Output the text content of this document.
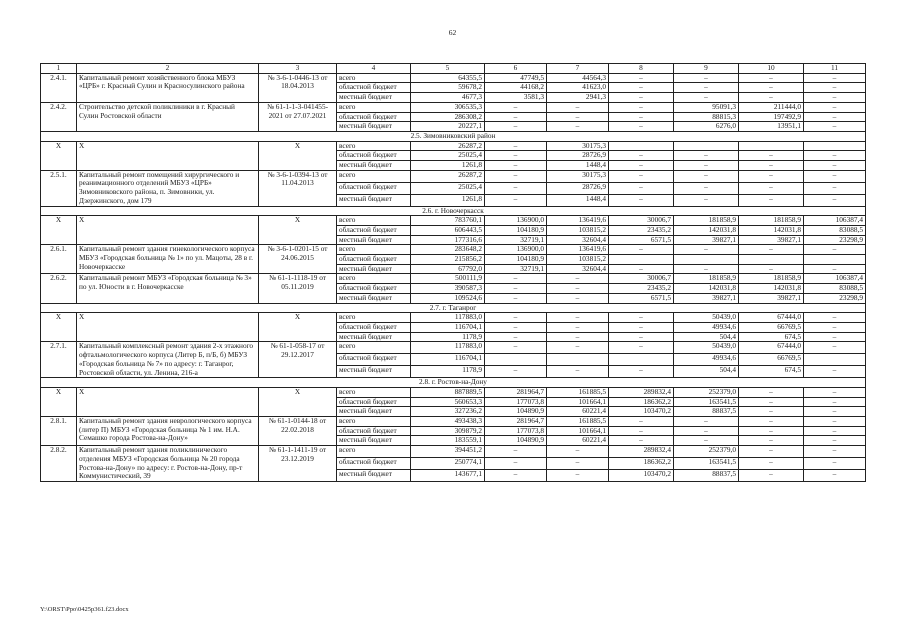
62
1	2	3	4	5	6	7	8	9	10	11
2.4.1.	Капитальный ремонт хозяйственного блока МБУЗ «ЦРБ» г. Красный Сулин и Красносулинского района	№ 3-6-1-0446-13 от 18.04.2013	всего	64355,5	47749,5	44564,3	–	–	–	–
			областной бюджет	59678,2	44168,2	41623,0	–	–	–	–
			местный бюджет	4677,3	3581,3	2941,3	–	–	–	–
2.4.2.	Строительство детской поликлиники в г. Красный Сулин Ростовской области	№ 61-1-1-3-041455-2021 от 27.07.2021	всего	306535,3	–	–	–	95091,3	211444,0	–
			областной бюджет	286308,2	–	–	–	88815,3	197492,9	–
			местный бюджет	20227,1	–	–	–	6276,0	13951,1	–
2.5. Зимовниковский район										
Х	Х	Х	всего	26287,2	–	30175,3				
			областной бюджет	25025,4	–	28726,9	–	–	–	–
			местный бюджет	1261,8	–	1448,4	–	–	–	–
2.5.1.	Капитальный ремонт помещений хирургического и реанимационного отделений МБУЗ «ЦРБ» Зимовниковского района, п. Зимовники, ул. Дзержинского, дом 179	№ 3-6-1-0394-13 от 11.04.2013	всего	26287,2	–	30175,3	–	–	–	–
			областной бюджет	25025,4	–	28726,9	–	–	–	–
			местный бюджет	1261,8	–	1448,4	–	–	–	–
2.6. г. Новочеркасск										
Х	Х	Х	всего	783760,1	136900,0	136419,6	30006,7	181858,9	181858,9	106387,4
			областной бюджет	606443,5	104180,9	103815,2	23435,2	142031,8	142031,8	83088,5
			местный бюджет	177316,6	32719,1	32604,4	6571,5	39827,1	39827,1	23298,9
2.6.1.	Капитальный ремонт здания гинекологического корпуса МБУЗ «Городская больница № 1» по ул. Мацоты, 28 в г. Новочеркасске	№ 3-6-1-0201-15 от 24.06.2015	всего	283648,2	136900,0	136419,6	–	–	–	–
			областной бюджет	215856,2	104180,9	103815,2				
			местный бюджет	67792,0	32719,1	32604,4	–	–	–	–
2.6.2.	Капитальный ремонт МБУЗ «Городская больница № 3» по ул. Юности в г. Новочеркасске	№ 61-1-1118-19 от 05.11.2019	всего	500111,9	–	–	30006,7	181858,9	181858,9	106387,4
			областной бюджет	390587,3	–	–	23435,2	142031,8	142031,8	83088,5
			местный бюджет	109524,6	–	–	6571,5	39827,1	39827,1	23298,9
2.7. г. Таганрог										
Х	Х	Х	всего	117883,0	–	–	–	50439,0	67444,0	–
			областной бюджет	116704,1	–	–	–	49934,6	66769,5	–
			местный бюджет	1178,9	–	–	–	504,4	674,5	–
2.7.1.	Капитальный комплексный ремонт здания 2-х этажного офтальмологического корпуса (Литер Б, п/Б, б) МБУЗ «Городская больница № 7» по адресу: г. Таганрог, Ростовской области, ул. Ленина, 216-а	№ 61-1-058-17 от 29.12.2017	всего	117883,0	–	–	–	50439,0	67444,0	–
			областной бюджет	116704,1				49934,6	66769,5	
			местный бюджет	1178,9	–	–	–	504,4	674,5	–
2.8. г. Ростов-на-Дону										
Х	Х	Х	всего	887889,5	281964,7	161885,5	289832,4	252379,0	–	–
			областной бюджет	560653,3	177073,8	101664,1	186362,2	163541,5	–	–
			местный бюджет	327236,2	104890,9	60221,4	103470,2	88837,5	–	–
2.8.1.	Капитальный ремонт здания неврологического корпуса (литер П) МБУЗ «Городская больница № 1 им. Н.А. Семашко города Ростова-на-Дону»	№ 61-1-0144-18 от 22.02.2018	всего	493438,3	281964,7	161885,5	–	–	–	–
			областной бюджет	309879,2	177073,8	101664,1	–	–	–	–
			местный бюджет	183559,1	104890,9	60221,4	–	–	–	–
2.8.2.	Капитальный ремонт здания поликлинического отделения МБУЗ «Городская больница № 20 города Ростова-на-Дону» по адресу: г. Ростов-на-Дону, пр-т Коммунистический, 39	№ 61-1-1411-19 от 23.12.2019	всего	394451,2	–	–	289832,4	252379,0	–	–
			областной бюджет	250774,1	–	–	186362,2	163541,5	–	–
			местный бюджет	143677,1	–	–	103470,2	88837,5	–	–
Y:\ORST\Ppo\0425p361.f23.docx
